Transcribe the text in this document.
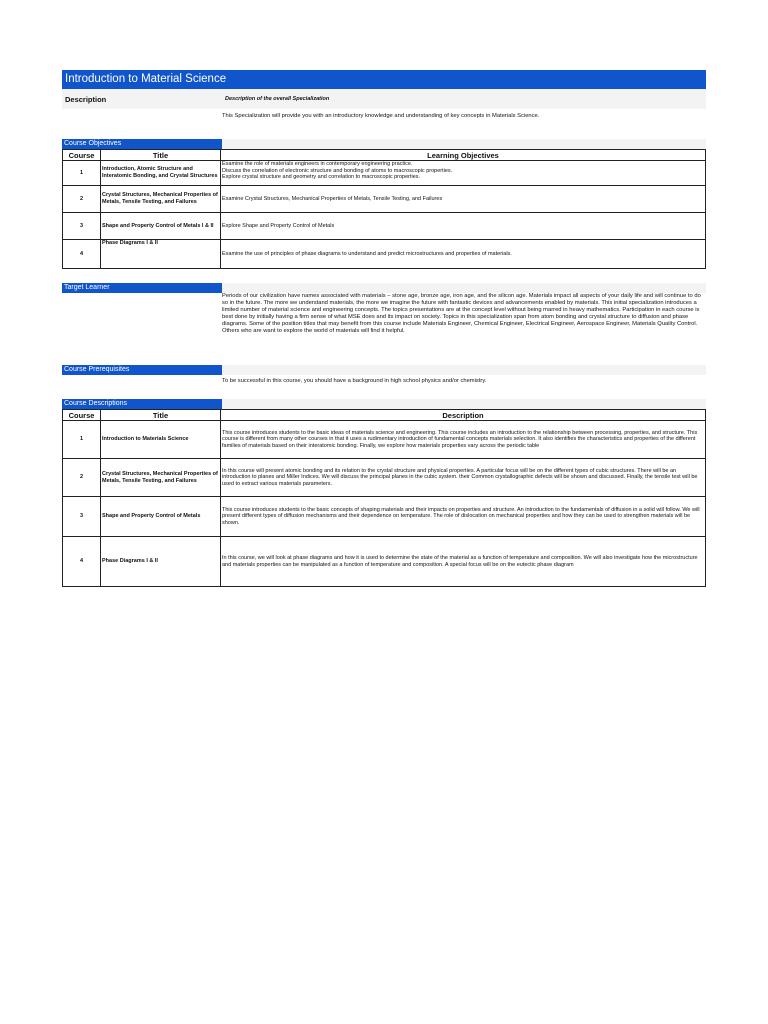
Introduction to Material Science
Description	Description of the overall Specialization
This Specialization will provide you with an introductory knowledge and understanding of key concepts in Materials Science.
Course Objectives
Course	Title	Learning Objectives
1	Introduction, Atomic Structure and Interatomic Bonding, and Crystal Structures	Examine the role of materials engineers in contemporary engineering practice.
Discuss the correlation of electronic structure and bonding of atoms to macroscopic properties.
Explore crystal structure and geometry and correlation to macroscopic properties.

2	Crystal Structures, Mechanical Properties of Metals, Tensile Testing, and Failures	Examine Crystal Structures, Mechanical Properties of Metals, Tensile Testing, and Failures
3	Shape and Property Control of Metals I & II	Explore Shape and Property Control of Metals
4	Phase Diagrams I & II	Examine the use of principles of phase diagrams to understand and predict microstructures and properties of materials.
Target Learner
Periods of our civilization have names associated with materials – stone age, bronze age, iron age, and the silicon age. Materials impact all aspects of your daily life and will continue to do so in the future. The more we understand materials, the more we imagine the future with fantastic devices and advancements enabled by materials. This initial specialization introduces a limited number of material science and engineering concepts. The topics presentations are at the concept level without being marred in heavy mathematics. Participation in each course is best done by initially having a firm sense of what MSE does and its impact on society. Topics in this specialization span from atom bonding and crystal structure to diffusion and phase diagrams. Some of the position titles that may benefit from this course include Materials Engineer, Chemical Engineer, Electrical Engineer, Aerospace Engineer, Materials Quality Control. Others who are want to explore the world of materials will find it helpful.
Course Prerequisites
To be successful in this course, you should have a background in high school physics and/or chemistry.
Course Descriptions
Course	Title	Description
1	Introduction to Materials Science	This course introduces students to the basic ideas of materials science and engineering. This course includes an introduction to the relationship between processing, properties, and structure. This course is different from many other courses in that it uses a rudimentary introduction of fundamental concepts materials selection. It also identifies the characteristics and properties of the different families of materials based on their interatomic bonding. Finally, we explore how materials properties vary across the periodic table
2	Crystal Structures, Mechanical Properties of Metals, Tensile Testing, and Failures	In this course will present atomic bonding and its relation to the crystal structure and physical properties. A particular focus will be on the different types of cubic structures. There will be an introduction to planes and Miller Indices. We will discuss the principal planes in the cubic system. their Common crystallographic defects will be shown and discussed. Finally, the tensile test will be used to extract various materials parameters.
3	Shape and Property Control of Metals	This course introduces students to the basic concepts of shaping materials and their impacts on properties and structure. An introduction to the fundamentals of diffusion in a solid will follow. We will present different types of diffusion mechanisms and their dependence on temperature. The role of dislocation on mechanical properties and how they can be used to strengthen materials will be shown.
4	Phase Diagrams I & II	In this course, we will look at phase diagrams and how it is used to determine the state of the material as a function of temperature and composition. We will also investigate how the microstructure and materials properties can be manipulated as a function of temperature and composition. A special focus will be on the eutectic phase diagram
